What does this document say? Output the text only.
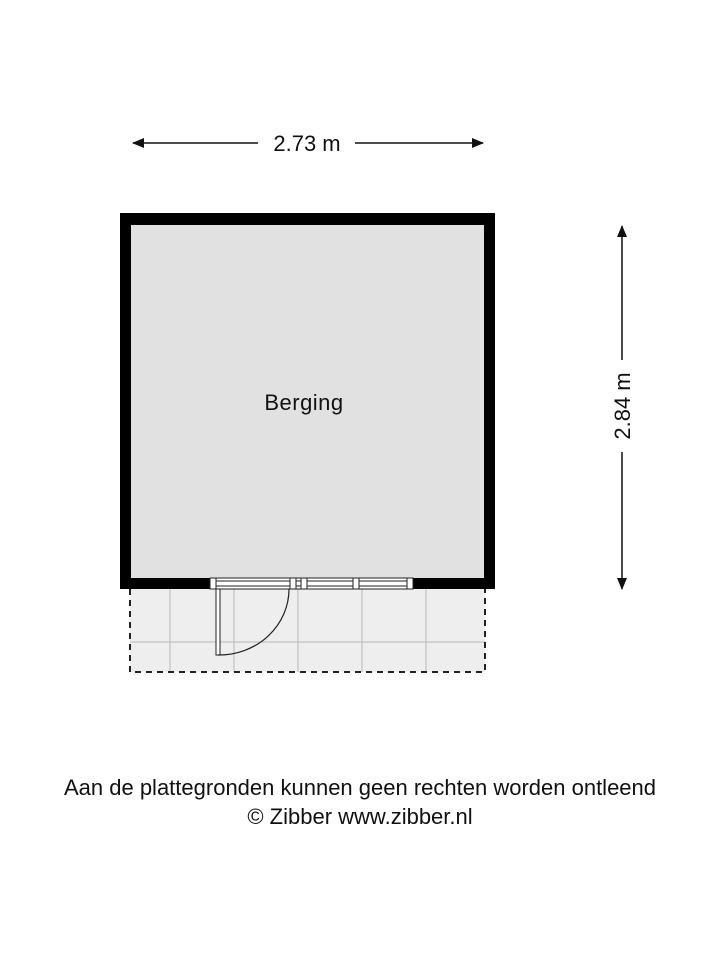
2.73 m
2.84 m
Berging
Aan de plattegronden kunnen geen rechten worden ontleend
© Zibber www.zibber.nl
